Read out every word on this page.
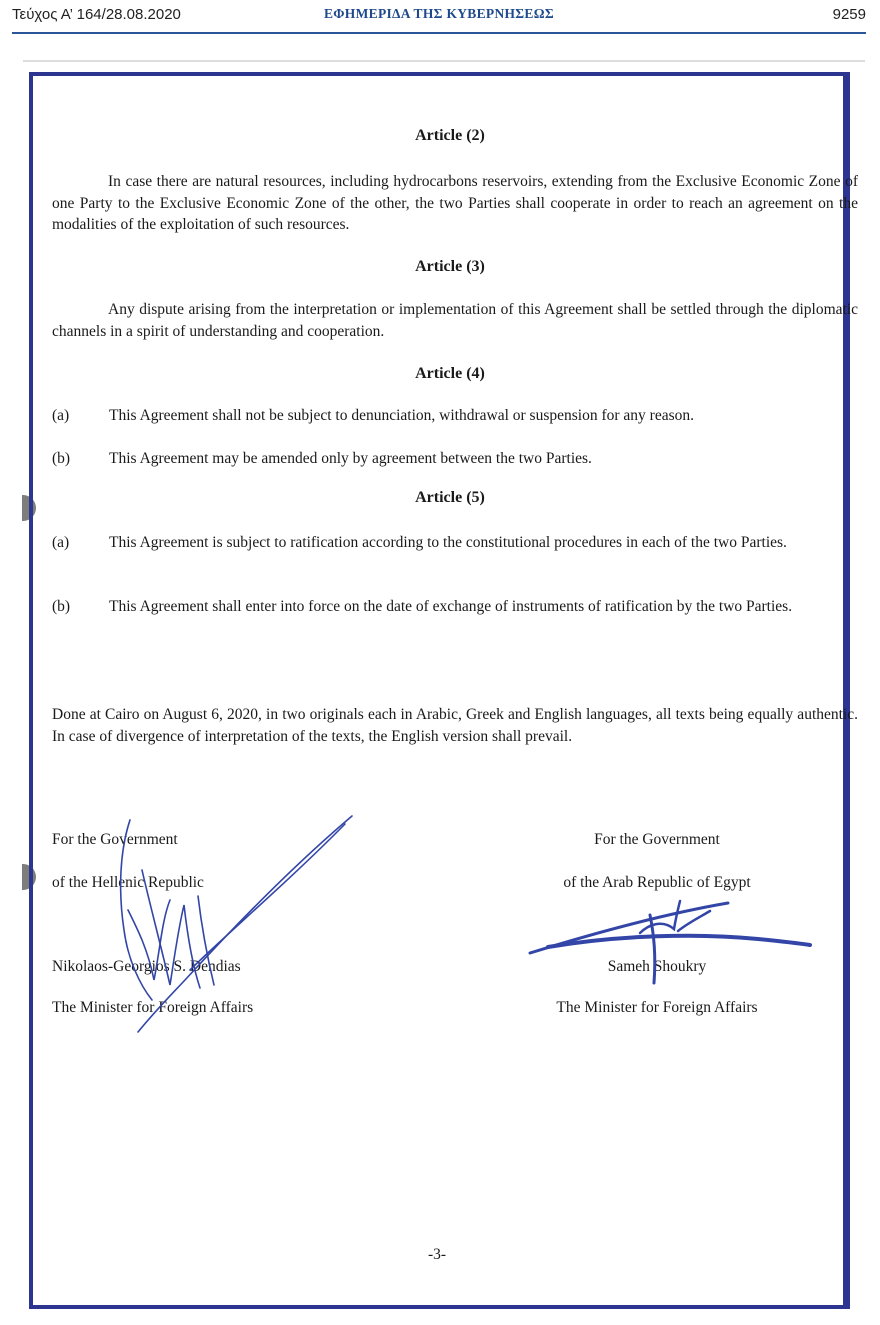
Τεύχος Α’ 164/28.08.2020	ΕΦΗΜΕΡΙΔΑ ΤΗΣ ΚΥΒΕΡΝΗΣΕΩΣ	9259
-3-
Article (2)
In case there are natural resources, including hydrocarbons reservoirs, extending from the Exclusive Economic Zone of one Party to the Exclusive Economic Zone of the other, the two Parties shall cooperate in order to reach an agreement on the modalities of the exploitation of such resources.
Article (3)
Any dispute arising from the interpretation or implementation of this Agreement shall be settled through the diplomatic channels in a spirit of understanding and cooperation.
Article (4)
(a)	This Agreement shall not be subject to denunciation, withdrawal or suspension for any reason.
(b)	This Agreement may be amended only by agreement between the two Parties.
Article (5)
(a)	This Agreement is subject to ratification according to the constitutional procedures in each of the two Parties.
(b)	This Agreement shall enter into force on the date of exchange of instruments of ratification by the two Parties.
Done at Cairo on August 6, 2020, in two originals each in Arabic, Greek and English languages, all texts being equally authentic. In case of divergence of interpretation of the texts, the English version shall prevail.
For the Government
of the Hellenic Republic
Nikolaos-Georgios S. Dendias
The Minister for Foreign Affairs
For the Government
of the Arab Republic of Egypt
Sameh Shoukry
The Minister for Foreign Affairs
